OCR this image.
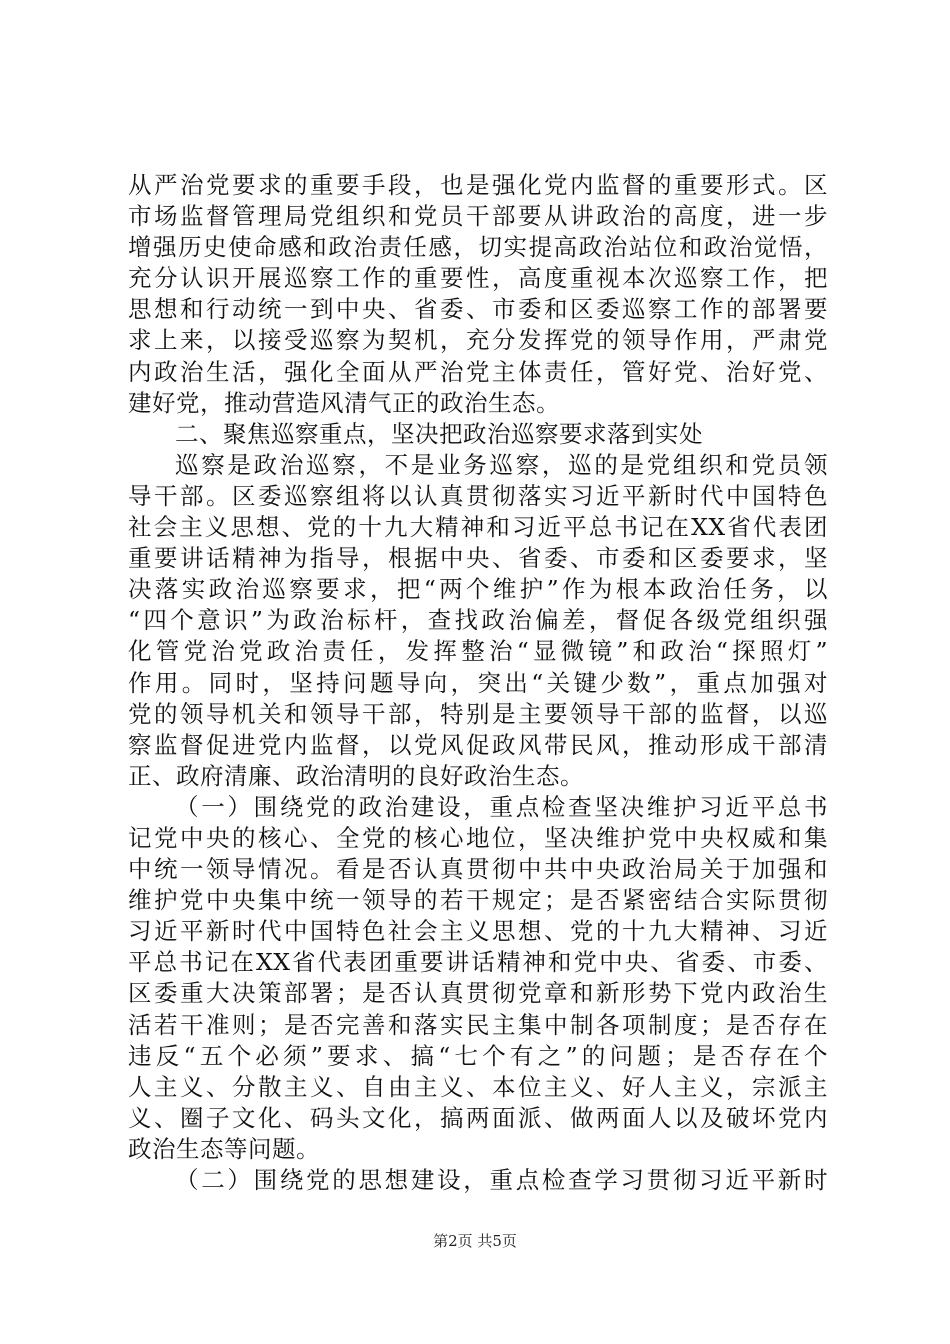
从严治党要求的重要手段，也是强化党内监督的重要形式。区
市场监督管理局党组织和党员干部要从讲政治的高度，进一步
增强历史使命感和政治责任感，切实提高政治站位和政治觉悟，
充分认识开展巡察工作的重要性，高度重视本次巡察工作，把
思想和行动统一到中央、省委、市委和区委巡察工作的部署要
求上来，以接受巡察为契机，充分发挥党的领导作用，严肃党
内政治生活，强化全面从严治党主体责任，管好党、治好党、
建好党，推动营造风清气正的政治生态。
二、聚焦巡察重点，坚决把政治巡察要求落到实处
巡察是政治巡察，不是业务巡察，巡的是党组织和党员领
导干部。区委巡察组将以认真贯彻落实习近平新时代中国特色
社会主义思想、党的十九大精神和习近平总书记在XX省代表团
重要讲话精神为指导，根据中央、省委、市委和区委要求，坚
决落实政治巡察要求，把“两个维护”作为根本政治任务，以
“四个意识”为政治标杆，查找政治偏差，督促各级党组织强
化管党治党政治责任，发挥整治“显微镜”和政治“探照灯”
作用。同时，坚持问题导向，突出“关键少数”，重点加强对
党的领导机关和领导干部，特别是主要领导干部的监督，以巡
察监督促进党内监督，以党风促政风带民风，推动形成干部清
正、政府清廉、政治清明的良好政治生态。
（一）围绕党的政治建设，重点检查坚决维护习近平总书
记党中央的核心、全党的核心地位，坚决维护党中央权威和集
中统一领导情况。看是否认真贯彻中共中央政治局关于加强和
维护党中央集中统一领导的若干规定；是否紧密结合实际贯彻
习近平新时代中国特色社会主义思想、党的十九大精神、习近
平总书记在XX省代表团重要讲话精神和党中央、省委、市委、
区委重大决策部署；是否认真贯彻党章和新形势下党内政治生
活若干准则；是否完善和落实民主集中制各项制度；是否存在
违反“五个必须”要求、搞“七个有之”的问题；是否存在个
人主义、分散主义、自由主义、本位主义、好人主义，宗派主
义、圈子文化、码头文化，搞两面派、做两面人以及破坏党内
政治生态等问题。
（二）围绕党的思想建设，重点检查学习贯彻习近平新时
第2页 共5页
